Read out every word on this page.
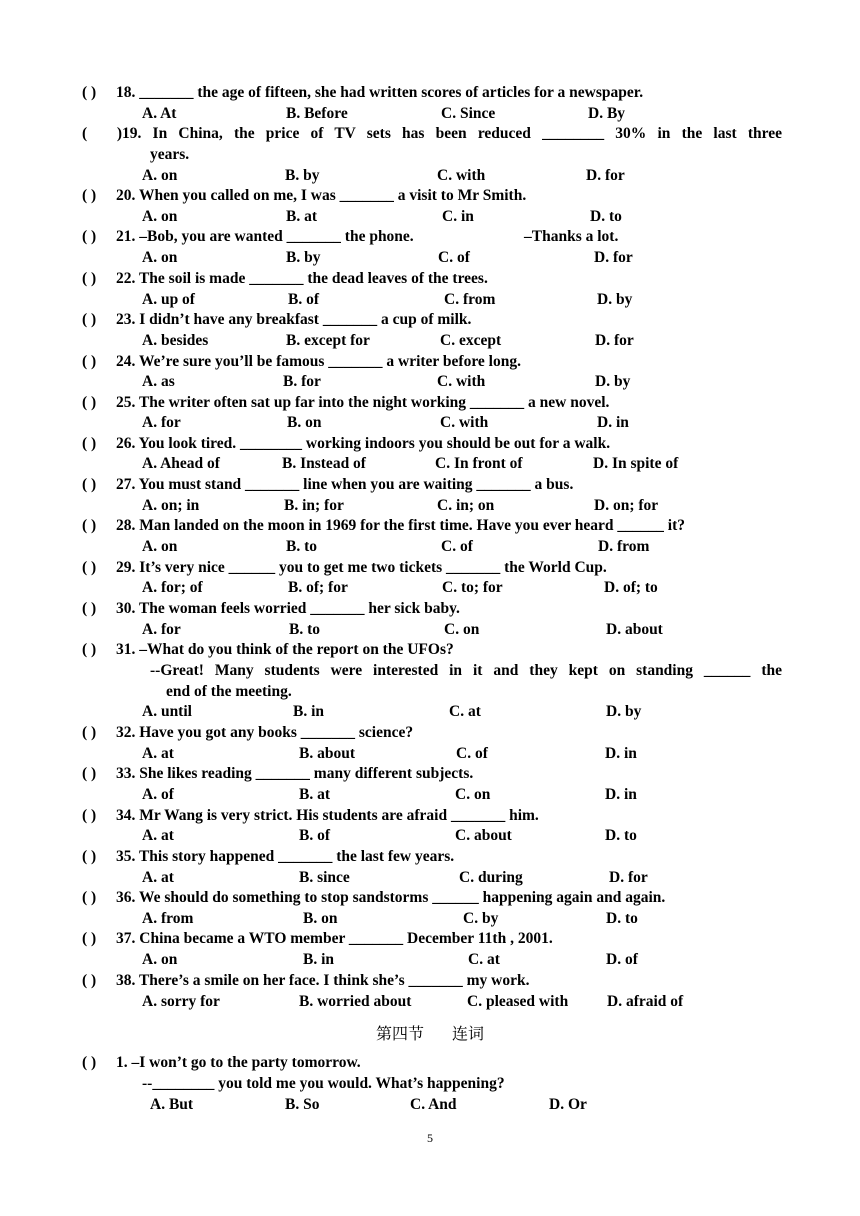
( ) 18. _______ the age of fifteen, she had written scores of articles for a newspaper.
A. At	B. Before	C. Since	D. By
( )19. In China, the price of TV sets has been reduced ________ 30% in the last three
years.
A. on	B. by	C. with	D. for
( ) 20. When you called on me, I was _______ a visit to Mr Smith.
A. on	B. at	C. in	D. to
( ) 21. –Bob, you are wanted _______ the phone.	–Thanks a lot.
A. on	B. by	C. of	D. for
( ) 22. The soil is made _______ the dead leaves of the trees.
A. up of	B. of	C. from	D. by
( ) 23. I didn’t have any breakfast _______ a cup of milk.
A. besides	B. except for	C. except	D. for
( ) 24. We’re sure you’ll be famous _______ a writer before long.
A. as	B. for	C. with	D. by
( ) 25. The writer often sat up far into the night working _______ a new novel.
A. for	B. on	C. with	D. in
( ) 26. You look tired. ________ working indoors you should be out for a walk.
A. Ahead of	B. Instead of	C. In front of	D. In spite of
( ) 27. You must stand _______ line when you are waiting _______ a bus.
A. on; in	B. in; for	C. in; on	D. on; for
( ) 28. Man landed on the moon in 1969 for the first time. Have you ever heard ______ it?
A. on	B. to	C. of	D. from
( ) 29. It’s very nice ______ you to get me two tickets _______ the World Cup.
A. for; of	B. of; for	C. to; for	D. of; to
( ) 30. The woman feels worried _______ her sick baby.
A. for	B. to	C. on	D. about
( ) 31. –What do you think of the report on the UFOs?
--Great! Many students were interested in it and they kept on standing ______ the
end of the meeting.
A. until	B. in	C. at	D. by
( ) 32. Have you got any books _______ science?
A. at	B. about	C. of	D. in
( ) 33. She likes reading _______ many different subjects.
A. of	B. at	C. on	D. in
( ) 34. Mr Wang is very strict. His students are afraid _______ him.
A. at	B. of	C. about	D. to
( ) 35. This story happened _______ the last few years.
A. at	B. since	C. during	D. for
( ) 36. We should do something to stop sandstorms ______ happening again and again.
A. from	B. on	C. by	D. to
( ) 37. China became a WTO member _______ December 11th , 2001.
A. on	B. in	C. at	D. of
( ) 38. There’s a smile on her face. I think she’s _______ my work.
A. sorry for	B. worried about	C. pleased with	D. afraid of
第四节 连词
( ) 1. –I won’t go to the party tomorrow.
--________ you told me you would. What’s happening?
A. But	B. So	C. And	D. Or
5
